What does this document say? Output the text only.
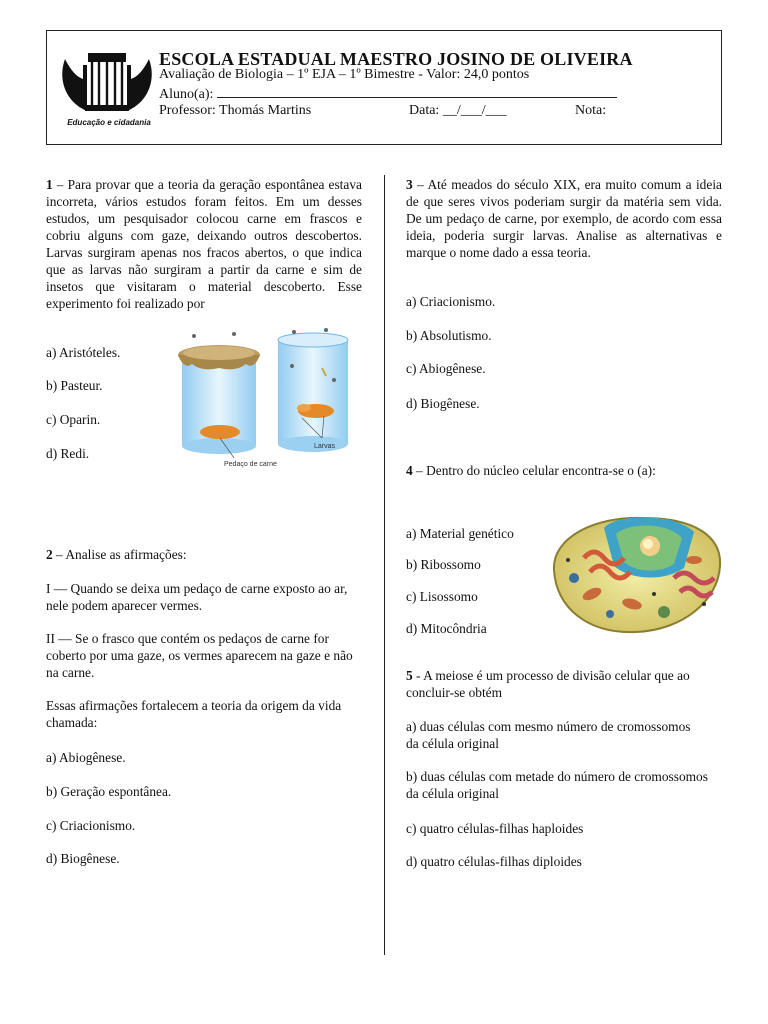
Educação e cidadania
ESCOLA ESTADUAL MAESTRO JOSINO DE OLIVEIRA
Avaliação de Biologia – 1º EJA – 1º Bimestre - Valor: 24,0 pontos
Aluno(a):
Professor: Thomás Martins	Data: __/___/___	Nota:
1 – Para provar que a teoria da geração espontânea estava incorreta, vários estudos foram feitos. Em um desses estudos, um pesquisador colocou carne em frascos e cobriu alguns com gaze, deixando outros descobertos. Larvas surgiram apenas nos fracos abertos, o que indica que as larvas não surgiram a partir da carne e sim de insetos que visitaram o material descoberto. Esse experimento foi realizado por
a) Aristóteles.
b) Pasteur.
c) Oparin.
d) Redi.
Pedaço de carne
Larvas
2 – Analise as afirmações:
I — Quando se deixa um pedaço de carne exposto ao ar, nele podem aparecer vermes.
II — Se o frasco que contém os pedaços de carne for coberto por uma gaze, os vermes aparecem na gaze e não na carne.
Essas afirmações fortalecem a teoria da origem da vida chamada:
a) Abiogênese.
b) Geração espontânea.
c) Criacionismo.
d) Biogênese.
3 – Até meados do século XIX, era muito comum a ideia de que seres vivos poderiam surgir da matéria sem vida. De um pedaço de carne, por exemplo, de acordo com essa ideia, poderia surgir larvas. Analise as alternativas e marque o nome dado a essa teoria.
a) Criacionismo.
b) Absolutismo.
c) Abiogênese.
d) Biogênese.
4 – Dentro do núcleo celular encontra-se o (a):
a) Material genético
b) Ribossomo
c) Lisossomo
d) Mitocôndria
5 - A meiose é um processo de divisão celular que ao concluir-se obtém
a) duas células com mesmo número de cromossomos da célula original
b) duas células com metade do número de cromossomos da célula original
c) quatro células-filhas haploides
d) quatro células-filhas diploides
